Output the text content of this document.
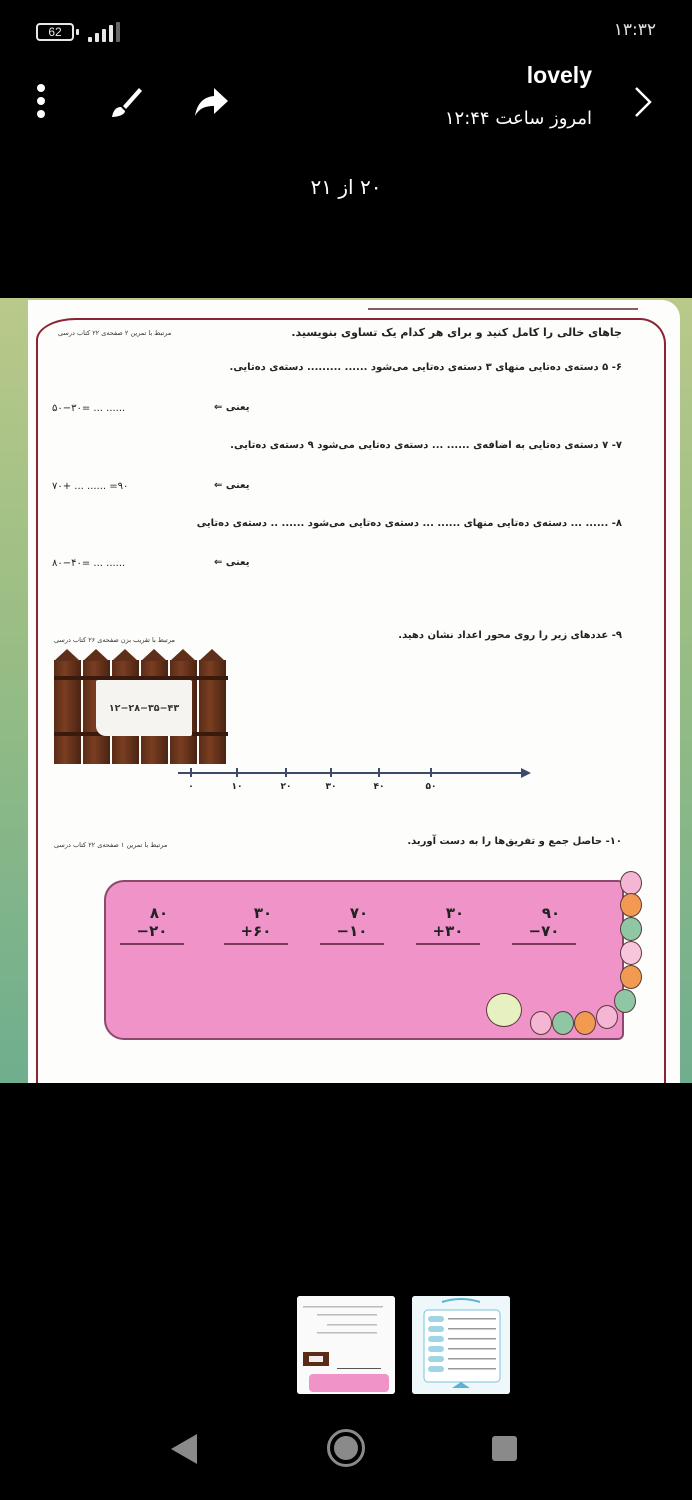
62	۱۳:۳۲
lovely
امروز ساعت ۱۲:۴۴
۲۰ از ۲۱
جاهای خالی را کامل کنید و برای هر کدام یک تساوی بنویسید.
مرتبط با تمرین ۲ صفحه‌ی ۲۲ کتاب درسی
۶- ۵ دسته‌ی ده‌تایی منهای ۳ دسته‌ی ده‌تایی می‌شود ...... ......... دسته‌ی ده‌تایی.
یعنی ⇐
۵۰−۳۰= ... ......
۷- ۷ دسته‌ی ده‌تایی به اضافه‌ی ...... ... دسته‌ی ده‌تایی می‌شود ۹ دسته‌ی ده‌تایی.
یعنی ⇐
۷۰+ ... ...... =۹۰
۸- ...... ... دسته‌ی ده‌تایی منهای ...... ... دسته‌ی ده‌تایی می‌شود ...... .. دسته‌ی ده‌تایی
یعنی ⇐
۸۰−۴۰= ... ......
۹- عددهای زیر را روی محور اعداد نشان دهید.
مرتبط با تقریب بزن صفحه‌ی ۲۶ کتاب درسی
۱۲−۲۸−۳۵−۴۳
۰	۱۰	۲۰	۳۰	۴۰	۵۰
۱۰- حاصل جمع و تفریق‌ها را به دست آورید.
مرتبط با تمرین ۱ صفحه‌ی ۲۲ کتاب درسی
۹۰
−۷۰
۳۰
+۳۰
۷۰
−۱۰
۳۰
+۶۰
۸۰
−۲۰
